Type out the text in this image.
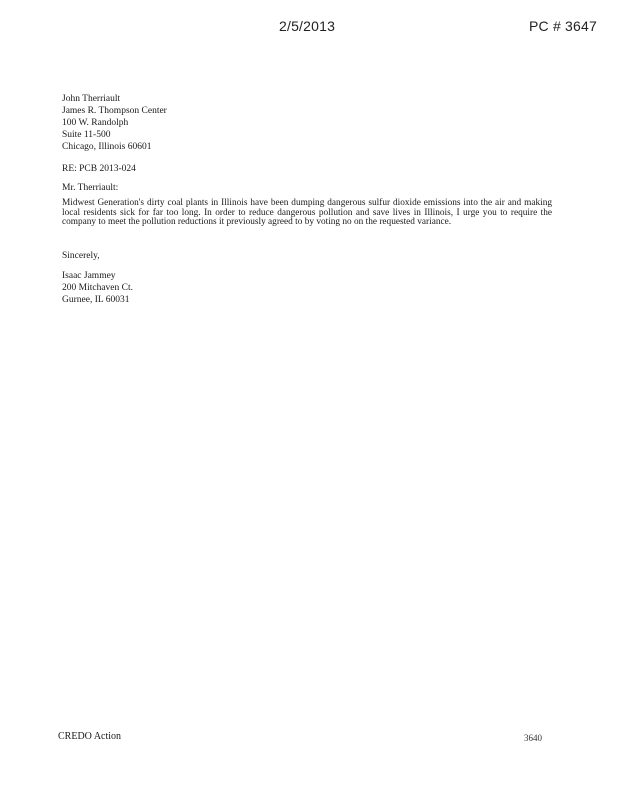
2/5/2013	PC # 3647
John Therriault
James R. Thompson Center
100 W. Randolph
Suite 11-500
Chicago, Illinois 60601
RE: PCB 2013-024
Mr. Therriault:
Midwest Generation's dirty coal plants in Illinois have been dumping dangerous sulfur dioxide emissions into the air and making local residents sick for far too long. In order to reduce dangerous pollution and save lives in Illinois, I urge you to require the company to meet the pollution reductions it previously agreed to by voting no on the requested variance.
Sincerely,
Isaac Jammey
200 Mitchaven Ct.
Gurnee, IL 60031
CREDO Action	3640
